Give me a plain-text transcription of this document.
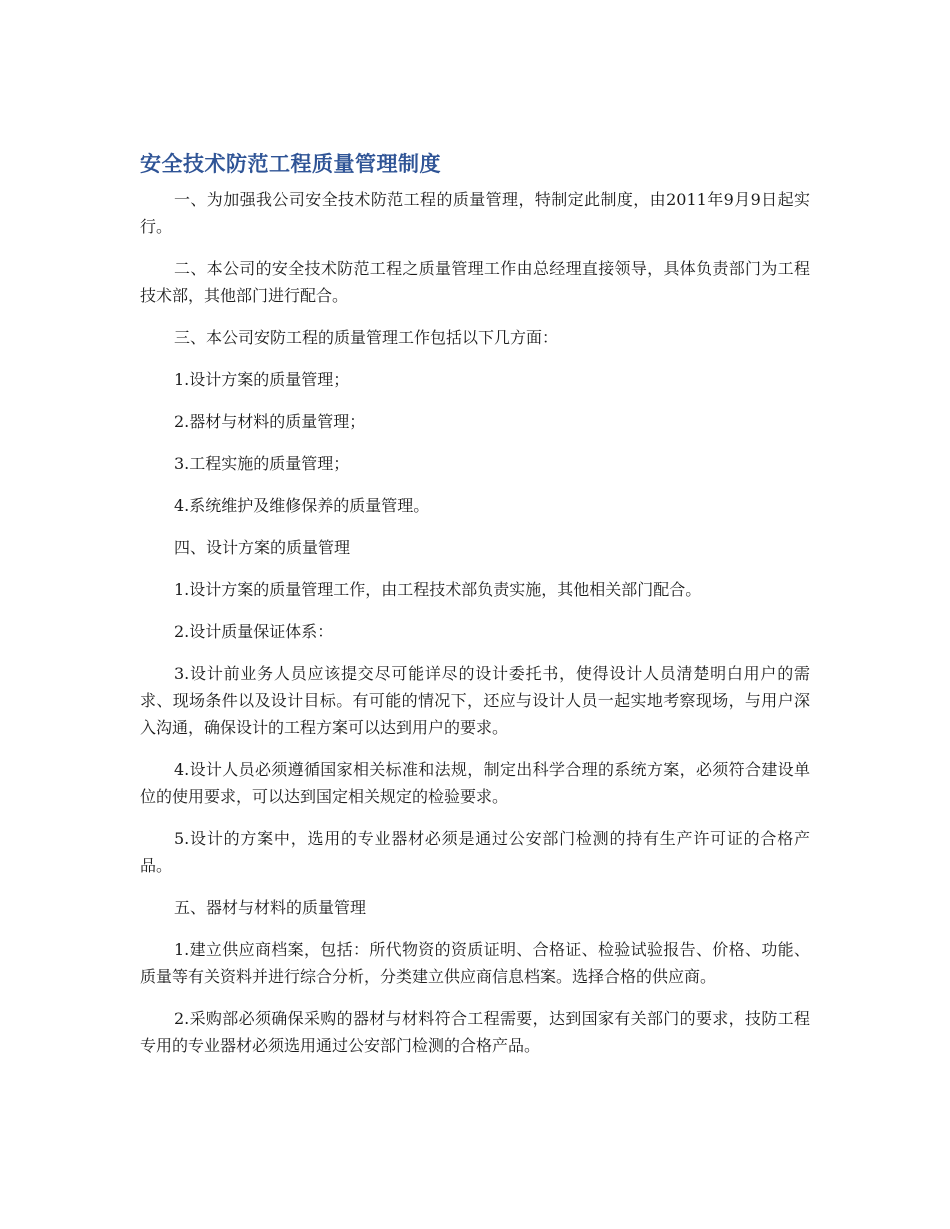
安全技术防范工程质量管理制度

一、为加强我公司安全技术防范工程的质量管理，特制定此制度，由2011年9月9日起实行。

二、本公司的安全技术防范工程之质量管理工作由总经理直接领导，具体负责部门为工程技术部，其他部门进行配合。

三、本公司安防工程的质量管理工作包括以下几方面：

1.设计方案的质量管理；

2.器材与材料的质量管理；

3.工程实施的质量管理；

4.系统维护及维修保养的质量管理。

四、设计方案的质量管理

1.设计方案的质量管理工作，由工程技术部负责实施，其他相关部门配合。

2.设计质量保证体系：

3.设计前业务人员应该提交尽可能详尽的设计委托书，使得设计人员清楚明白用户的需求、现场条件以及设计目标。有可能的情况下，还应与设计人员一起实地考察现场，与用户深入沟通，确保设计的工程方案可以达到用户的要求。

4.设计人员必须遵循国家相关标准和法规，制定出科学合理的系统方案，必须符合建设单位的使用要求，可以达到国定相关规定的检验要求。

5.设计的方案中，选用的专业器材必须是通过公安部门检测的持有生产许可证的合格产品。

五、器材与材料的质量管理

1.建立供应商档案，包括：所代物资的资质证明、合格证、检验试验报告、价格、功能、质量等有关资料并进行综合分析，分类建立供应商信息档案。选择合格的供应商。

2.采购部必须确保采购的器材与材料符合工程需要，达到国家有关部门的要求，技防工程专用的专业器材必须选用通过公安部门检测的合格产品。
